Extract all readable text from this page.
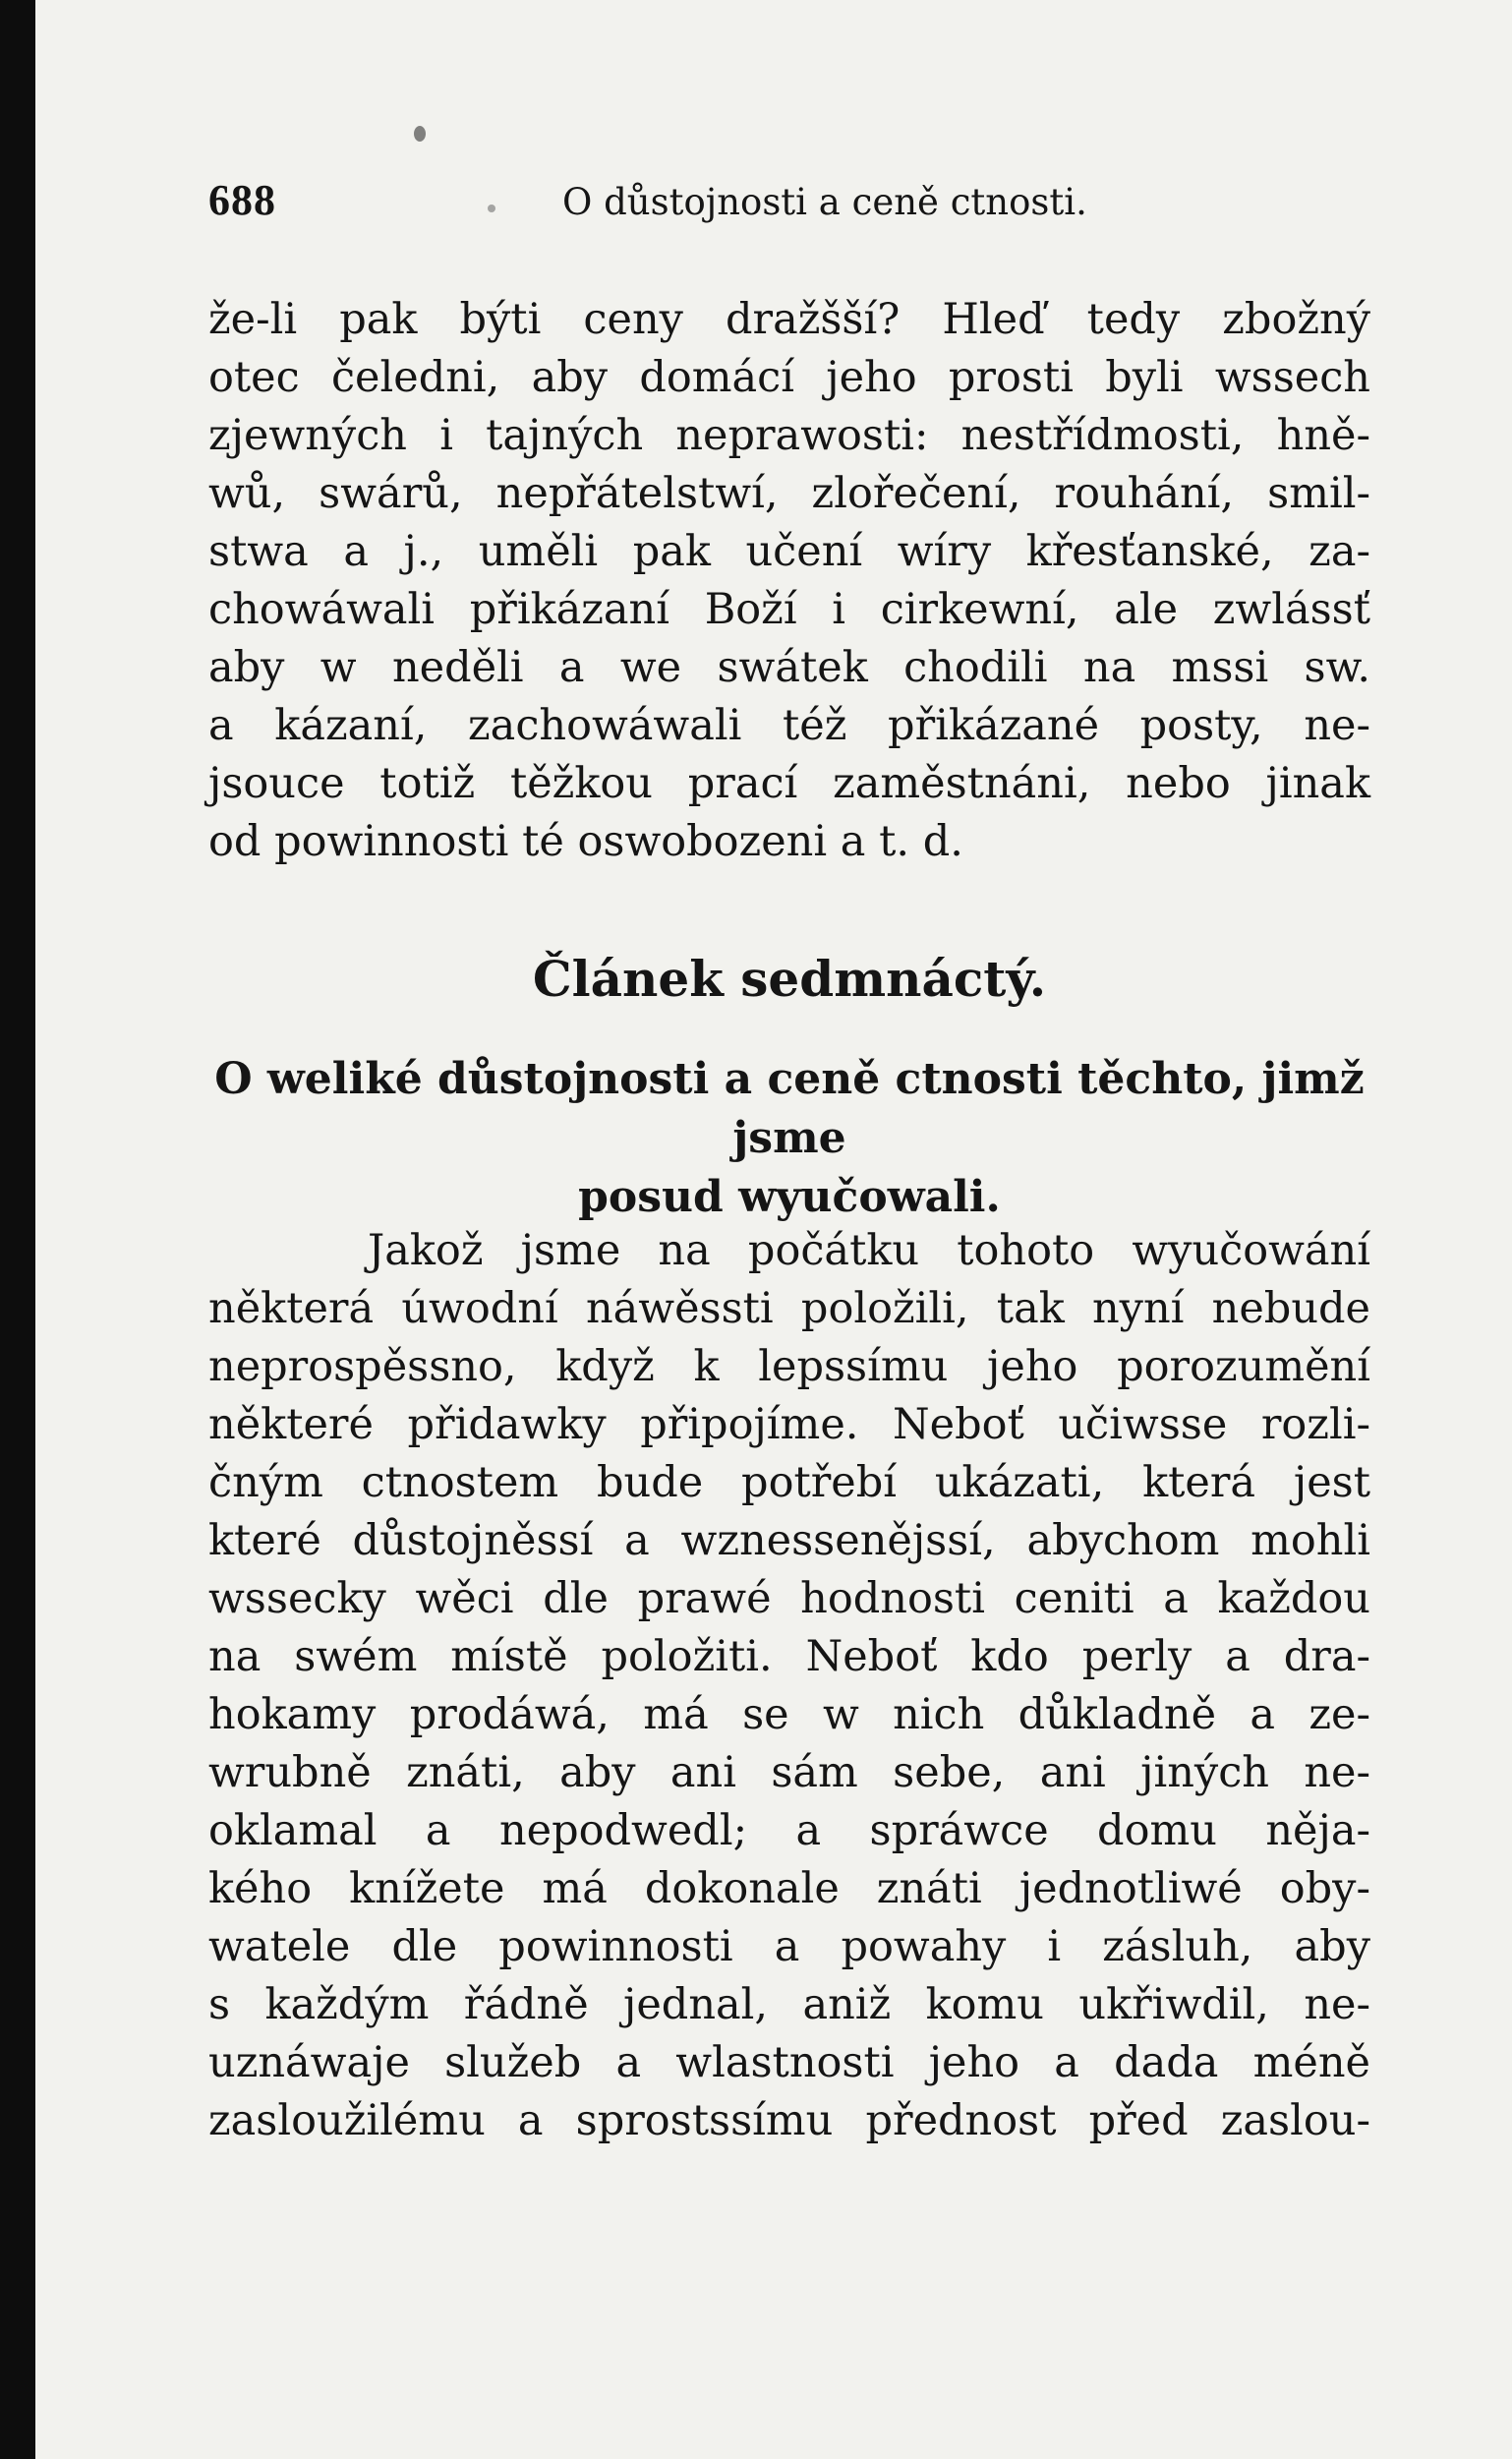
688	O důstojnosti a ceně ctnosti.
že-li pak býti ceny dražšší? Hleď tedy zbožný
otec čeledni, aby domácí jeho prosti byli wssech
zjewných i tajných neprawosti: nestřídmosti, hně-
wů, swárů, nepřátelstwí, zlořečení, rouhání, smil-
stwa a j., uměli pak učení wíry křesťanské, za-
chowáwali přikázaní Boží i cirkewní, ale zwlássť
aby w neděli a we swátek chodili na mssi sw.
a kázaní, zachowáwali též přikázané posty, ne-
jsouce totiž těžkou prací zaměstnáni, nebo jinak
od powinnosti té oswobozeni a t. d.
Článek sedmnáctý.
O weliké důstojnosti a ceně ctnosti těchto, jimž jsme
posud wyučowali.
Jakož jsme na počátku tohoto wyučowání
některá úwodní náwěssti položili, tak nyní nebude
neprospěssno, když k lepssímu jeho porozumění
některé přidawky připojíme. Neboť učiwsse rozli-
čným ctnostem bude potřebí ukázati, která jest
které důstojněssí a wznessenějssí, abychom mohli
wssecky wěci dle prawé hodnosti ceniti a každou
na swém místě položiti. Neboť kdo perly a dra-
hokamy prodáwá, má se w nich důkladně a ze-
wrubně znáti, aby ani sám sebe, ani jiných ne-
oklamal a nepodwedl; a spráwce domu něja-
kého knížete má dokonale znáti jednotliwé oby-
watele dle powinnosti a powahy i zásluh, aby
s každým řádně jednal, aniž komu ukřiwdil, ne-
uznáwaje služeb a wlastnosti jeho a dada méně
zasloužilému a sprostssímu přednost před zaslou-
